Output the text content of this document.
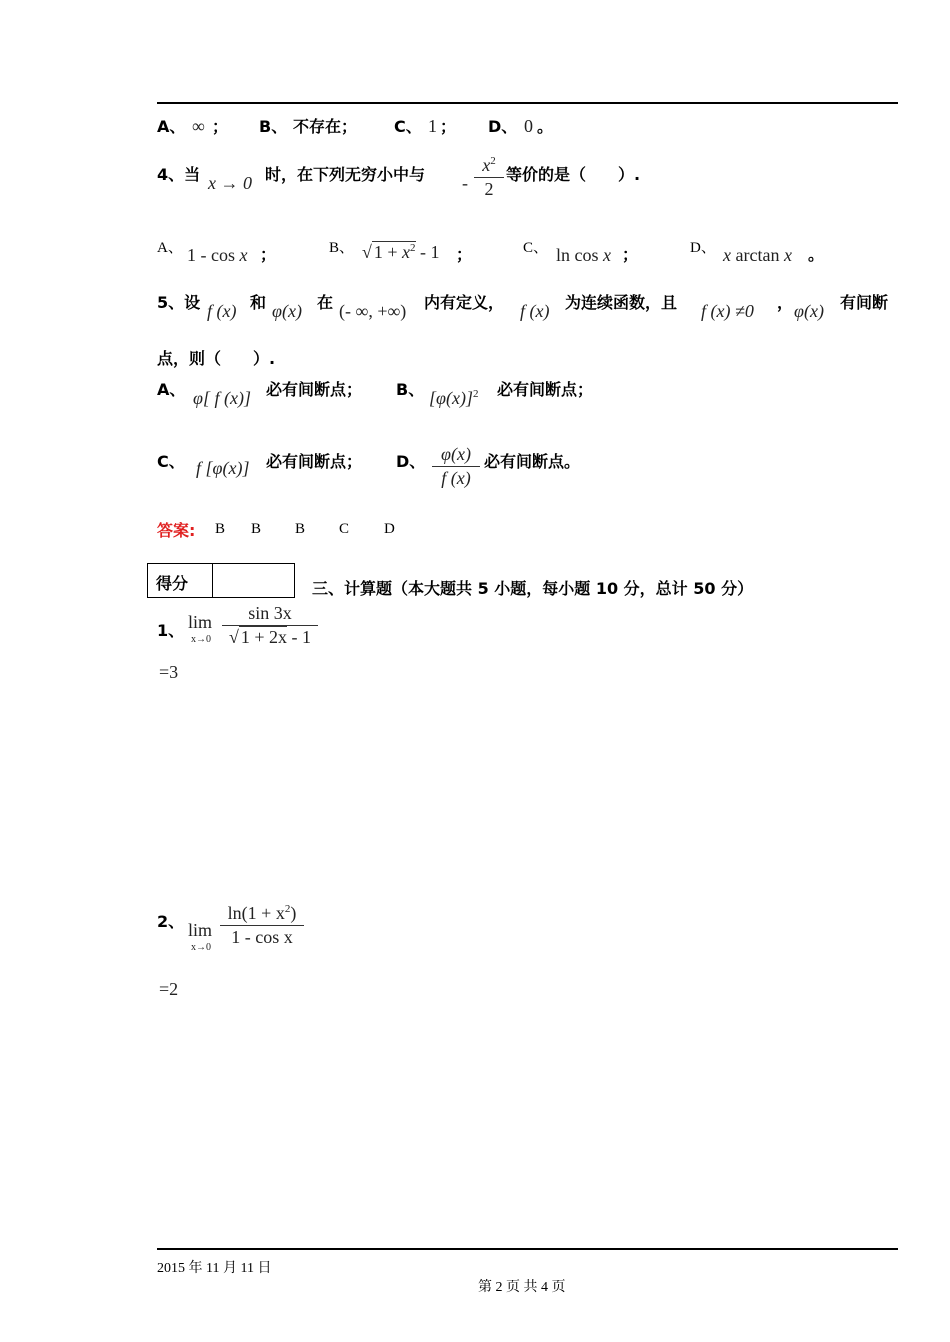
A、 ∞ ； B、 不存在； C、 1 ； D、 0 。
4、当 x → 0 时，在下列无穷小中与 - $\frac{x^2}{2}$ 等价的是（　　）.
A、 1 - cos x ；	B、 √ $1 + x^2 - 1$ ；	C、 ln cos x ；	D、 x arctan x 。
5、设 f (x) 和 φ(x) 在 (- ∞, +∞) 内有定义， f (x) 为连续函数，且 f (x) ≠0 ， φ(x) 有间断
点，则（　　）.
A、 φ[ f (x)] 必有间断点； B、 $[\varphi(x)]^2$ 必有间断点；
C、 f [φ(x)] 必有间断点； D、 $\frac{\varphi(x)}{f (x)}$ 必有间断点。
答案: B B B C D
得分	三、计算题（本大题共 5 小题，每小题 10 分，总计 50 分）
1、 lim
$x\to 0 \frac{\sin 3x}{√ 1 + 2x - 1}$
=3
2、 lim
$x\to 0 \frac{\ln(1 + x^2)}{\text{1 - cos x}}$
=2
2015 年 11 月 11 日
第 2 页 共 4 页
